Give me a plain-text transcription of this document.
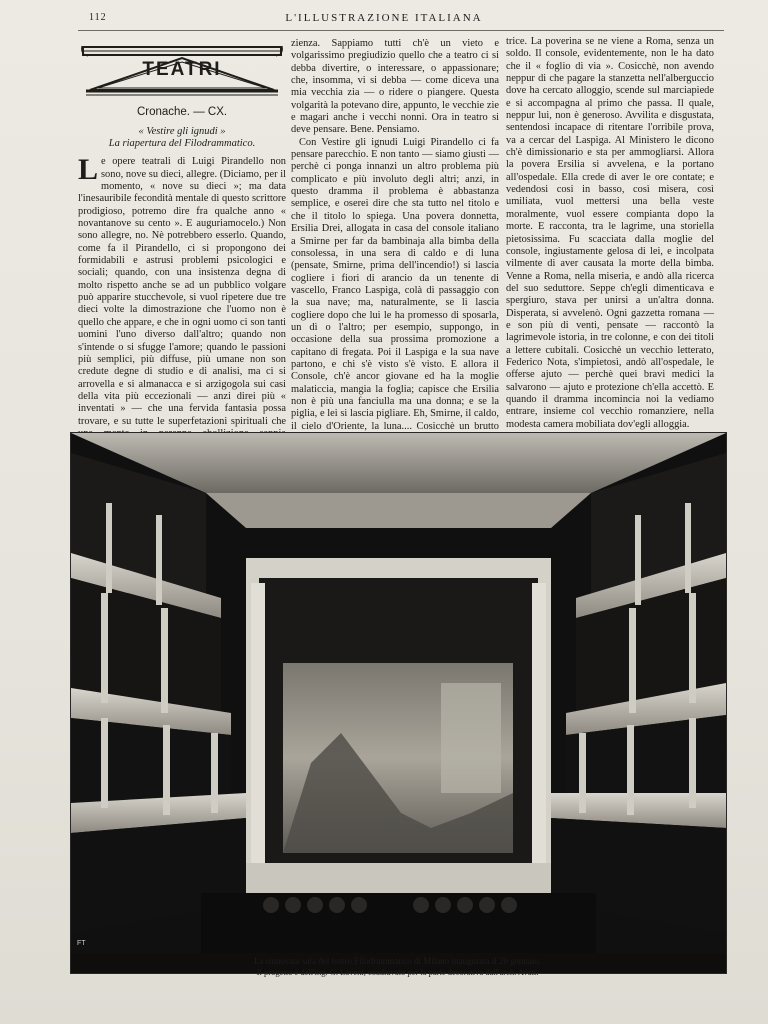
112	L'ILLUSTRAZIONE ITALIANA
TEATRI
Cronache. — CX.
« Vestire gli ignudi »
La riapertura del Filodrammatico.

Le opere teatrali di Luigi Pirandello non sono, nove su dieci, allegre. (Diciamo, per il momento, « nove su dieci »; ma data l'inesauribile fecondità mentale di questo scrittore prodigioso, potremo dire fra qualche anno « novantanove su cento ». E auguriamocelo.) Non sono allegre, no. Nè potrebbero esserlo. Quando, come fa il Pirandello, ci si propongono dei formidabili e astrusi problemi psicologici e sociali; quando, con una insistenza degna di molto rispetto anche se ad un pubblico volgare può apparire stucchevole, si vuol ripetere due tre dieci volte la dimostrazione che l'uomo non è quello che appare, e che in ogni uomo ci son tanti uomini l'uno diverso dall'altro; quando non s'intende o si sfugge l'amore; quando le passioni più semplici, più diffuse, più umane non son credute degne di studio e di analisi, ma ci si arrovella e si almanacca e si arzigogola sui casi della vita più eccezionali — anzi direi più « inventati » — che una fervida fantasia possa trovare, e su tutte le superfetazioni spirituali che

zienza. Sappiamo tutti ch'è un vieto e volgarissimo pregiudizio quello che a teatro ci si debba divertire, o interessare, o appassionare; che, insomma, vi si debba — come diceva una mia vecchia zia — o ridere o piangere. Questa volgarità la potevano dire, appunto, le vecchie zie e magari anche i vecchi nonni. Ora in teatro si deve pensare. Bene. Pensiamo.

Con Vestire gli ignudi Luigi Pirandello ci fa pensare parecchio. E non tanto — siamo giusti — perchè ci ponga innanzi un altro problema più complicato e più involuto degli altri; anzi, in questo dramma il problema è abbastanza semplice, e oserei dire che sta tutto nel titolo e che il titolo lo spiega. Una povera donnetta, Ersilia Drei, allogata in casa del console italiano a Smirne per far da bambinaja alla bimba della consolessa, in una sera di caldo e di luna (pensate, Smirne, prima dell'incendio!) si lascia cogliere i fiori di arancio da un tenente di vascello, Franco Laspiga, colà di passaggio con la sua nave; ma, naturalmente, se li lascia cogliere dopo che lui le ha promesso di sposarla, un dì o l'altro; per esempio, suppongo, in occasione della sua prossima promozione a capitano di fregata. Poi il Laspiga e la sua nave partono, e chi s'è visto s'è visto. E allora il Console, ch'è ancor giovane ed ha la moglie malaticcia, mangia la foglia; capisce che Ersilia non è più una fanciulla ma una donna; e se la piglia, e lei si lascia pigliare. Eh, Smirne, il caldo, il cielo d'Oriente, la luna.... Cosicchè un brutto

trice. La poverina se ne viene a Roma, senza un soldo. Il console, evidentemente, non le ha dato che il « foglio di via ». Cosicchè, non avendo neppur di che pagare la stanzetta nell'alberguccio dove ha cercato alloggio, scende sul marciapiede e si accompagna al primo che passa. Il quale, neppur lui, non è generoso. Avvilita e disgustata, sentendosi incapace di ritentare l'orribile prova, va a cercar del Laspiga. Al Ministero le dicono ch'è dimissionario e sta per ammogliarsi. Allora la povera Ersilia si avvelena, e la portano all'ospedale. Ella crede di aver le ore contate; e vedendosi cosi in basso, così misera, così umiliata, vuol mettersi una bella veste moralmente, vuol essere compianta dopo la morte. E racconta, tra le lagrime, una storiella pietosissima. Fu scacciata dalla moglie del console, ingiustamente gelosa di lei, e incolpata vilmente di aver causata la morte della bimba. Venne a Roma, nella miseria, e andò alla ricerca del suo seduttore. Seppe ch'egli dimenticava e spergiuro, stava per unirsi a un'altra donna. Disperata, si avvelenò. Ogni gazzetta romana — e son più di venti, pensate — raccontò la lagrimevole istoria, in tre colonne, e con dei titoli a lettere cubitali. Cosicchè un vecchio letterato, Federico Nota, s'impietosì, andò all'ospedale, le offerse ajuto — perchè quei bravi medici la salvarono — ajuto e protezione ch'ella accettò. E quando il dramma incomincia noi la vediamo entrare, insieme col vecchio romanziere, nella modesta camera mobiliata dov'egli alloggia.

FT
La rinnovata sala del teatro Filodrammatico di Milano inaugurata il 20 gennaio.
Il progetto è dell'ing. G. Laveni, coadiuvato per la parte decorativa dall'arch. Avati.
